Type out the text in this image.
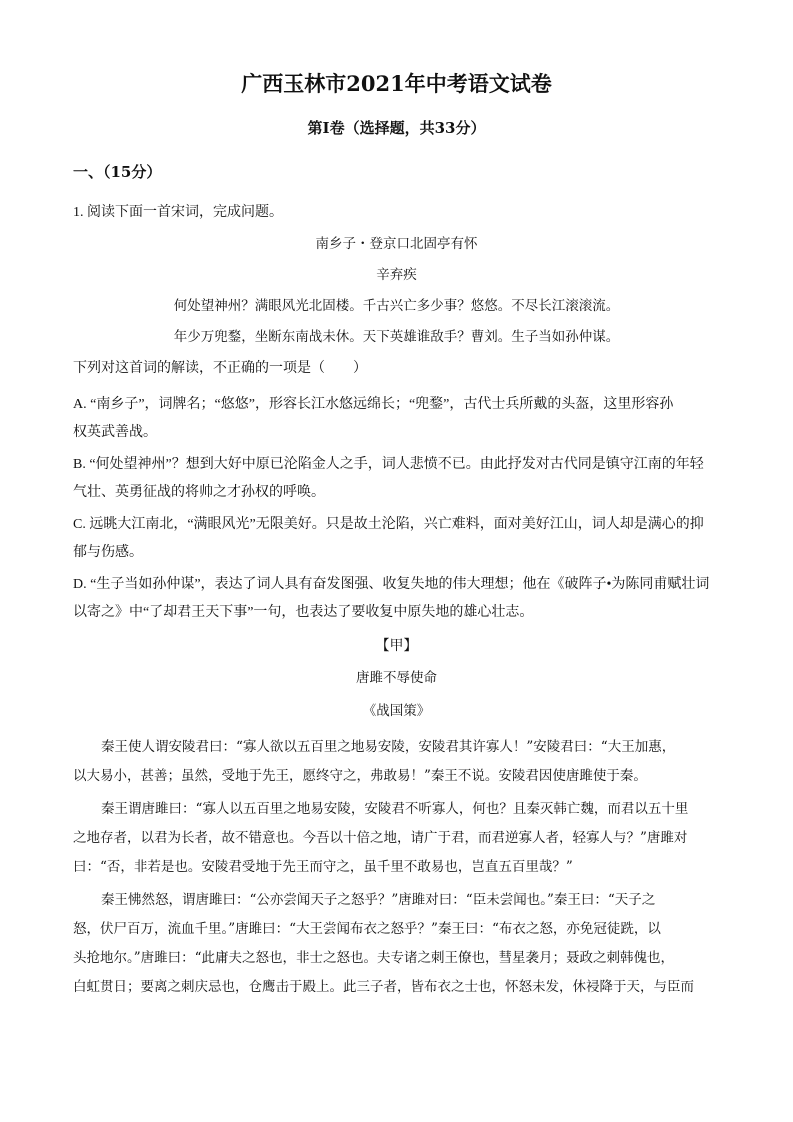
广西玉林市2021年中考语文试卷
第Ⅰ卷（选择题，共33分）
一、（15分）
1. 阅读下面一首宋词，完成问题。
南乡子・登京口北固亭有怀
辛弃疾
何处望神州？满眼风光北固楼。千古兴亡多少事？悠悠。不尽长江滚滚流。
年少万兜鍪，坐断东南战未休。天下英雄谁敌手？曹刘。生子当如孙仲谋。
下列对这首词的解读，不正确的一项是（　　）
A. “南乡子”，词牌名；“悠悠”，形容长江水悠远绵长；“兜鍪”，古代士兵所戴的头盔，这里形容孙
权英武善战。
B. “何处望神州”？想到大好中原已沦陷金人之手，词人悲愤不已。由此抒发对古代同是镇守江南的年轻
气壮、英勇征战的将帅之才孙权的呼唤。
C. 远眺大江南北，“满眼风光”无限美好。只是故土沦陷，兴亡难料，面对美好江山，词人却是满心的抑
郁与伤感。
D. “生子当如孙仲谋”，表达了词人具有奋发图强、收复失地的伟大理想；他在《破阵子•为陈同甫赋壮词
以寄之》中“了却君王天下事”一句，也表达了要收复中原失地的雄心壮志。
【甲】
唐雎不辱使命
《战国策》
秦王使人谓安陵君曰：“寡人欲以五百里之地易安陵，安陵君其许寡人！”安陵君曰：“大王加惠，
以大易小，甚善；虽然，受地于先王，愿终守之，弗敢易！”秦王不说。安陵君因使唐雎使于秦。
秦王谓唐雎曰：“寡人以五百里之地易安陵，安陵君不听寡人，何也？且秦灭韩亡魏，而君以五十里
之地存者，以君为长者，故不错意也。今吾以十倍之地，请广于君，而君逆寡人者，轻寡人与？”唐雎对
曰：“否，非若是也。安陵君受地于先王而守之，虽千里不敢易也，岂直五百里哉？”
秦王怫然怒，谓唐雎曰：“公亦尝闻天子之怒乎？”唐雎对曰：“臣未尝闻也。”秦王曰：“天子之
怒，伏尸百万，流血千里。”唐雎曰：“大王尝闻布衣之怒乎？”秦王曰：“布衣之怒，亦免冠徒跣，以
头抢地尔。”唐雎曰：“此庸夫之怒也，非士之怒也。夫专诸之刺王僚也，彗星袭月；聂政之刺韩傀也，
白虹贯日；要离之刺庆忌也，仓鹰击于殿上。此三子者，皆布衣之士也，怀怒未发，休祲降于天，与臣而
